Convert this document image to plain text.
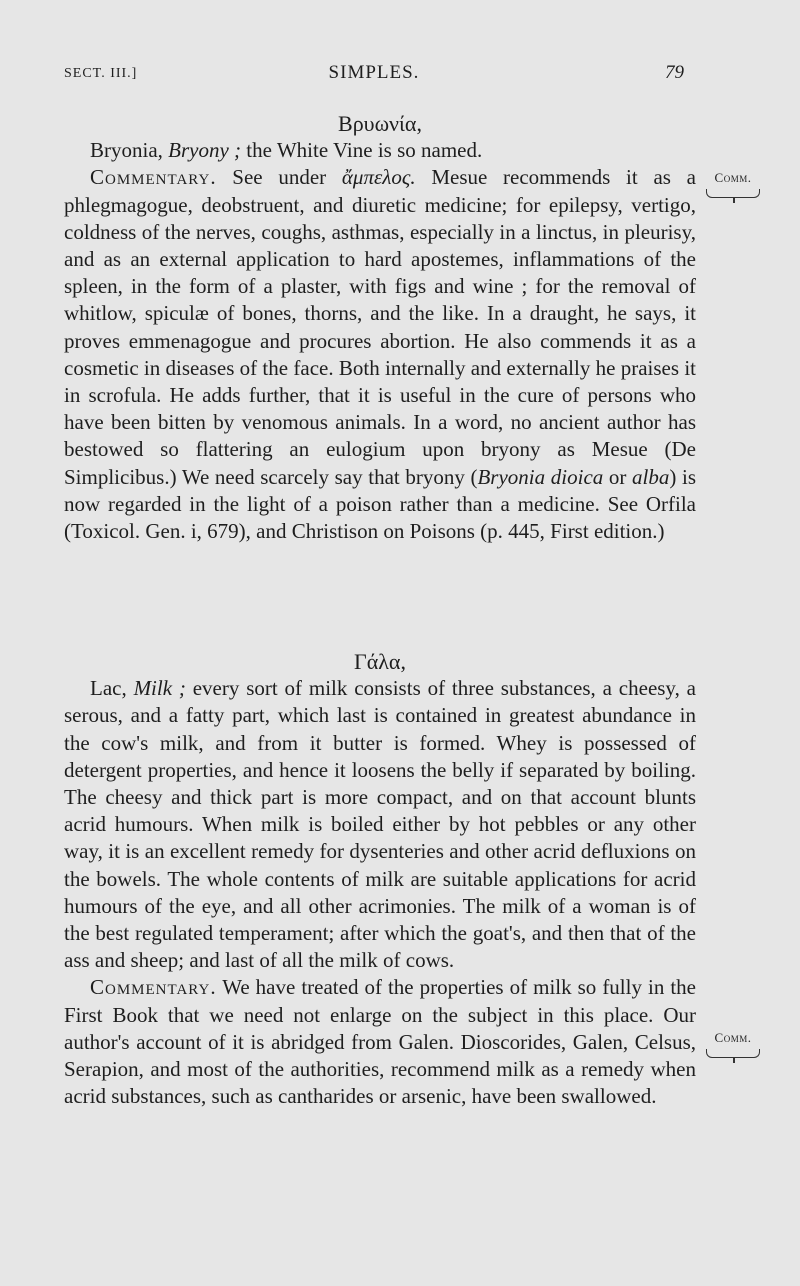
SECT. III.]	SIMPLES.	79

Βρυωνία,

Bryonia, Bryony ; the White Vine is so named.

Commentary. See under ἄμπελος. Mesue recommends it as a phlegmagogue, deobstruent, and diuretic medicine; for epilepsy, vertigo, coldness of the nerves, coughs, asthmas, especially in a linctus, in pleurisy, and as an external application to hard apostemes, inflammations of the spleen, in the form of a plaster, with figs and wine ; for the removal of whitlow, spiculæ of bones, thorns, and the like. In a draught, he says, it proves emmenagogue and procures abortion. He also commends it as a cosmetic in diseases of the face. Both internally and externally he praises it in scrofula. He adds further, that it is useful in the cure of persons who have been bitten by venomous animals. In a word, no ancient author has bestowed so flattering an eulogium upon bryony as Mesue (De Simplicibus.) We need scarcely say that bryony (Bryonia dioica or alba) is now regarded in the light of a poison rather than a medicine. See Orfila (Toxicol. Gen. i, 679), and Christison on Poisons (p. 445, First edition.)

Γάλα,

Lac, Milk ; every sort of milk consists of three substances, a cheesy, a serous, and a fatty part, which last is contained in greatest abundance in the cow's milk, and from it butter is formed. Whey is possessed of detergent properties, and hence it loosens the belly if separated by boiling. The cheesy and thick part is more compact, and on that account blunts acrid humours. When milk is boiled either by hot pebbles or any other way, it is an excellent remedy for dysenteries and other acrid defluxions on the bowels. The whole contents of milk are suitable applications for acrid humours of the eye, and all other acrimonies. The milk of a woman is of the best regulated temperament; after which the goat's, and then that of the ass and sheep; and last of all the milk of cows.

Commentary. We have treated of the properties of milk so fully in the First Book that we need not enlarge on the subject in this place. Our author's account of it is abridged from Galen. Dioscorides, Galen, Celsus, Serapion, and most of the authorities, recommend milk as a remedy when acrid substances, such as cantharides or arsenic, have been swallowed.

Comm.
Comm.
